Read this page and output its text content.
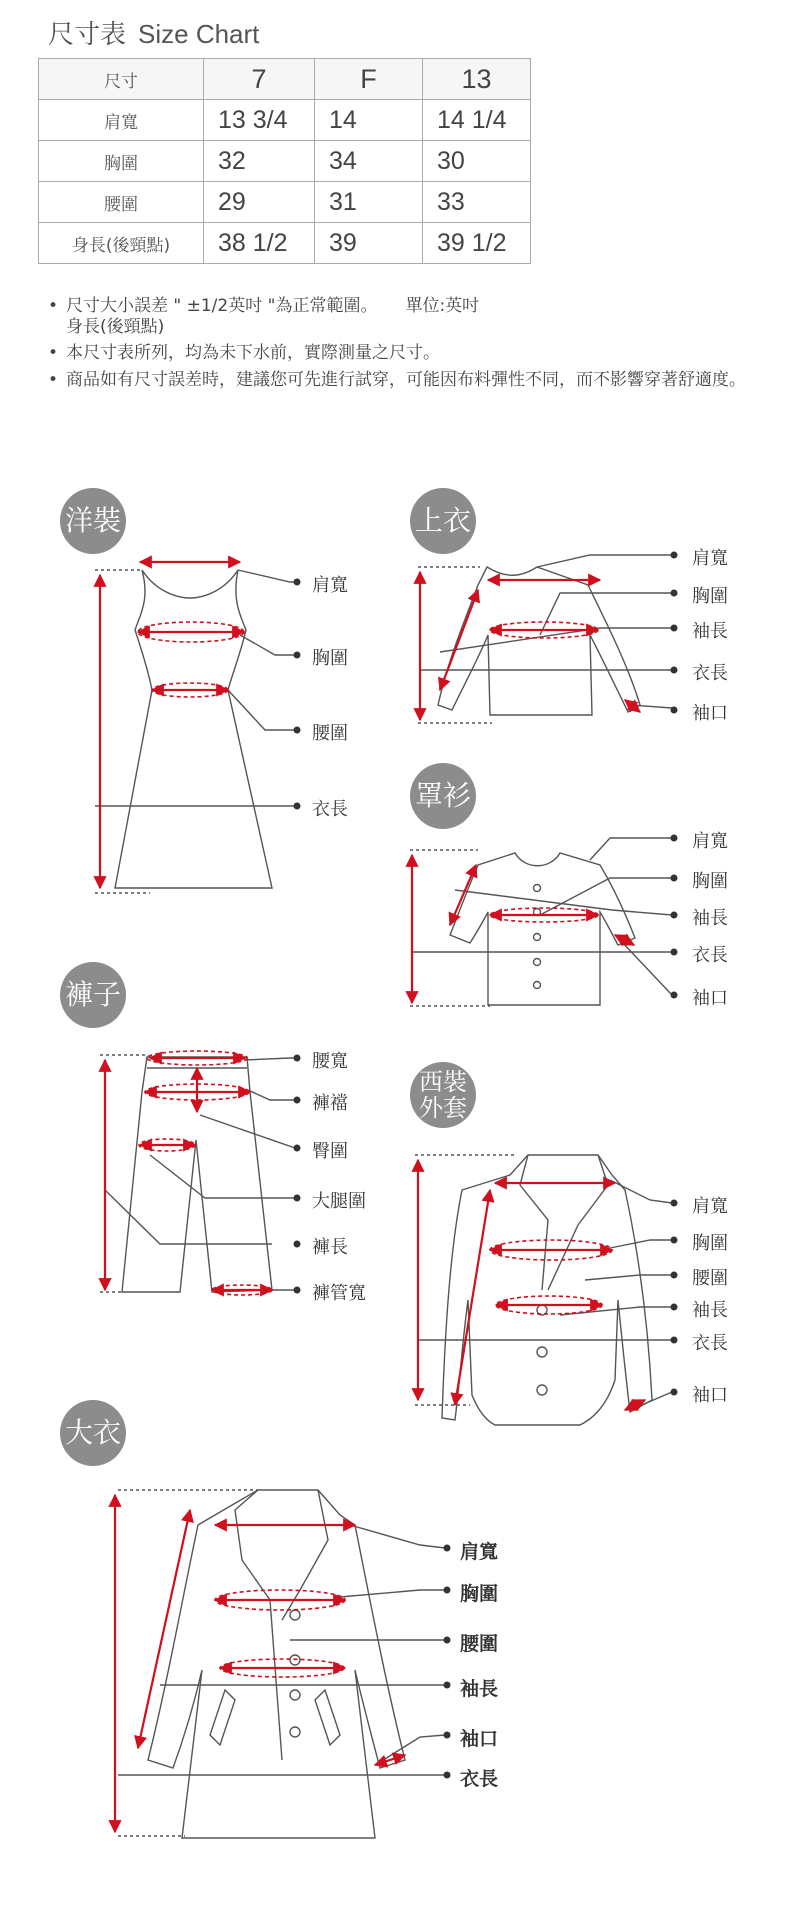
尺寸表 Size Chart
尺寸	7	F	13
肩寬	13 3/4	14	14 1/4
胸圍	32	34	30
腰圍	29	31	33
身長(後頸點)	38 1/2	39	39 1/2
• 尺寸大小誤差 " ±1/2英吋 "為正常範圍。 單位:英吋
身長(後頸點)
• 本尺寸表所列，均為未下水前，實際測量之尺寸。
• 商品如有尺寸誤差時，建議您可先進行試穿，可能因布料彈性不同，而不影響穿著舒適度。
洋裝	上衣
罩衫
褲子
西裝
外套
大衣
肩寬
胸圍
腰圍
衣長
肩寬
胸圍
袖長
衣長
袖口
肩寬
胸圍
袖長
衣長
袖口
腰寬
褲襠
臀圍
大腿圍
褲長
褲管寬
肩寬
胸圍
腰圍
袖長
衣長
袖口
肩寬
胸圍
腰圍
袖長
袖口
衣長
